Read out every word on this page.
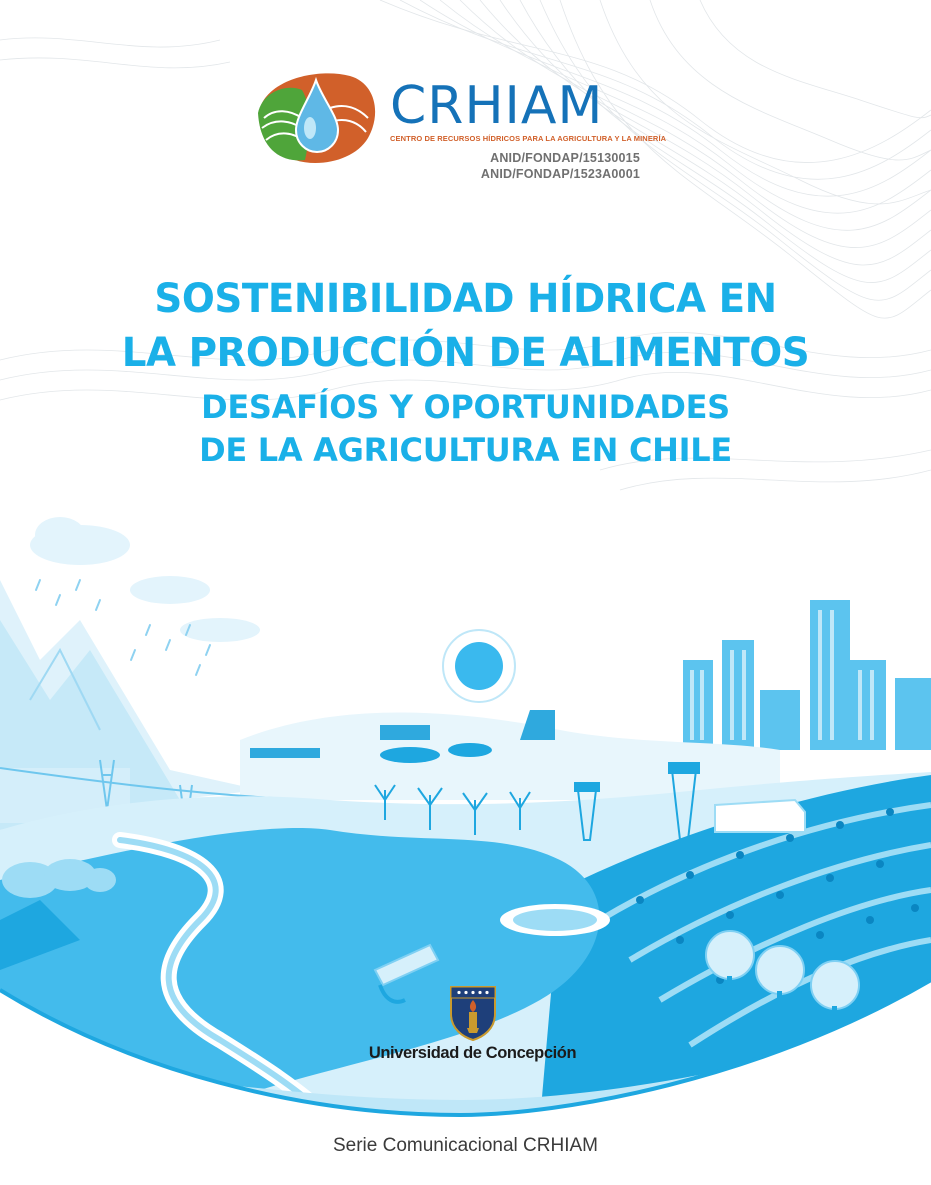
CRHIAM
CENTRO DE RECURSOS HÍDRICOS PARA LA AGRICULTURA Y LA MINERÍA
ANID/FONDAP/15130015
ANID/FONDAP/1523A0001
SOSTENIBILIDAD HÍDRICA EN
LA PRODUCCIÓN DE ALIMENTOS
DESAFÍOS Y OPORTUNIDADES
DE LA AGRICULTURA EN CHILE
Universidad de Concepción
Serie Comunicacional CRHIAM
